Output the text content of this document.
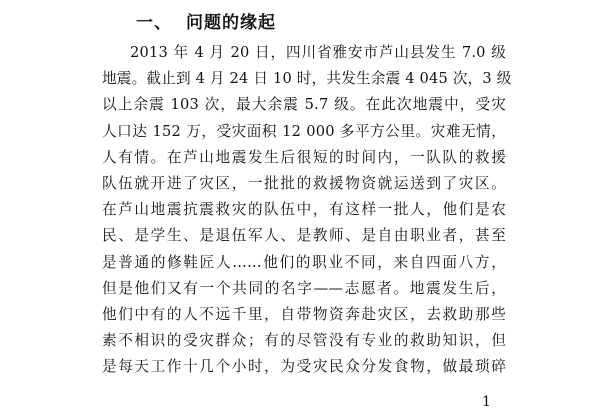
一、 问题的缘起
2013 年 4 月 20 日，四川省雅安市芦山县发生 7.0 级
地震。截止到 4 月 24 日 10 时，共发生余震 4 045 次，3 级
以上余震 103 次，最大余震 5.7 级。在此次地震中，受灾
人口达 152 万，受灾面积 12 000 多平方公里。灾难无情，
人有情。在芦山地震发生后很短的时间内，一队队的救援
队伍就开进了灾区，一批批的救援物资就运送到了灾区。
在芦山地震抗震救灾的队伍中，有这样一批人，他们是农
民、是学生、是退伍军人、是教师、是自由职业者，甚至
是普通的修鞋匠人……他们的职业不同，来自四面八方，
但是他们又有一个共同的名字——志愿者。地震发生后，
他们中有的人不远千里，自带物资奔赴灾区，去救助那些
素不相识的受灾群众；有的尽管没有专业的救助知识，但
是每天工作十几个小时，为受灾民众分发食物，做最琐碎
1
